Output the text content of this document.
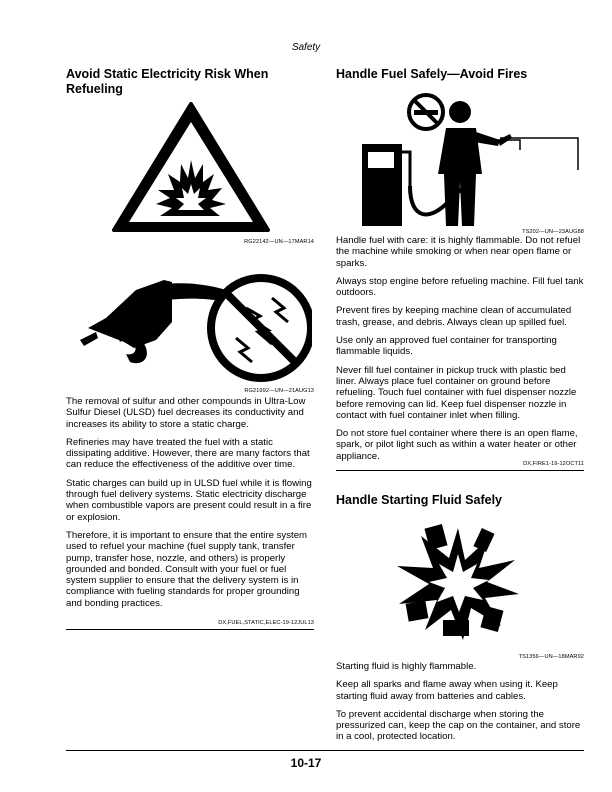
Safety
Avoid Static Electricity Risk When Refueling
RG22142—UN—17MAR14
RG21992—UN—21AUG13

The removal of sulfur and other compounds in Ultra-Low Sulfur Diesel (ULSD) fuel decreases its conductivity and increases its ability to store a static charge.

Refineries may have treated the fuel with a static dissipating additive. However, there are many factors that can reduce the effectiveness of the additive over time.

Static charges can build up in ULSD fuel while it is flowing through fuel delivery systems. Static electricity discharge when combustible vapors are present could result in a fire or explosion.

Therefore, it is important to ensure that the entire system used to refuel your machine (fuel supply tank, transfer pump, transfer hose, nozzle, and others) is properly grounded and bonded. Consult with your fuel or fuel system supplier to ensure that the delivery system is in compliance with fueling standards for proper grounding and bonding practices.

DX,FUEL,STATIC,ELEC-19-12JUL13
Handle Fuel Safely—Avoid Fires
TS202—UN—23AUG88

Handle fuel with care: it is highly flammable. Do not refuel the machine while smoking or when near open flame or sparks.

Always stop engine before refueling machine. Fill fuel tank outdoors.

Prevent fires by keeping machine clean of accumulated trash, grease, and debris. Always clean up spilled fuel.

Use only an approved fuel container for transporting flammable liquids.

Never fill fuel container in pickup truck with plastic bed liner. Always place fuel container on ground before refueling. Touch fuel container with fuel dispenser nozzle before removing can lid. Keep fuel dispenser nozzle in contact with fuel container inlet when filling.

Do not store fuel container where there is an open flame, spark, or pilot light such as within a water heater or other appliance.

DX,FIRE1-19-12OCT11
Handle Starting Fluid Safely
TS1356—UN—18MAR92

Starting fluid is highly flammable.

Keep all sparks and flame away when using it. Keep starting fluid away from batteries and cables.

To prevent accidental discharge when storing the pressurized can, keep the cap on the container, and store in a cool, protected location.

10-17
